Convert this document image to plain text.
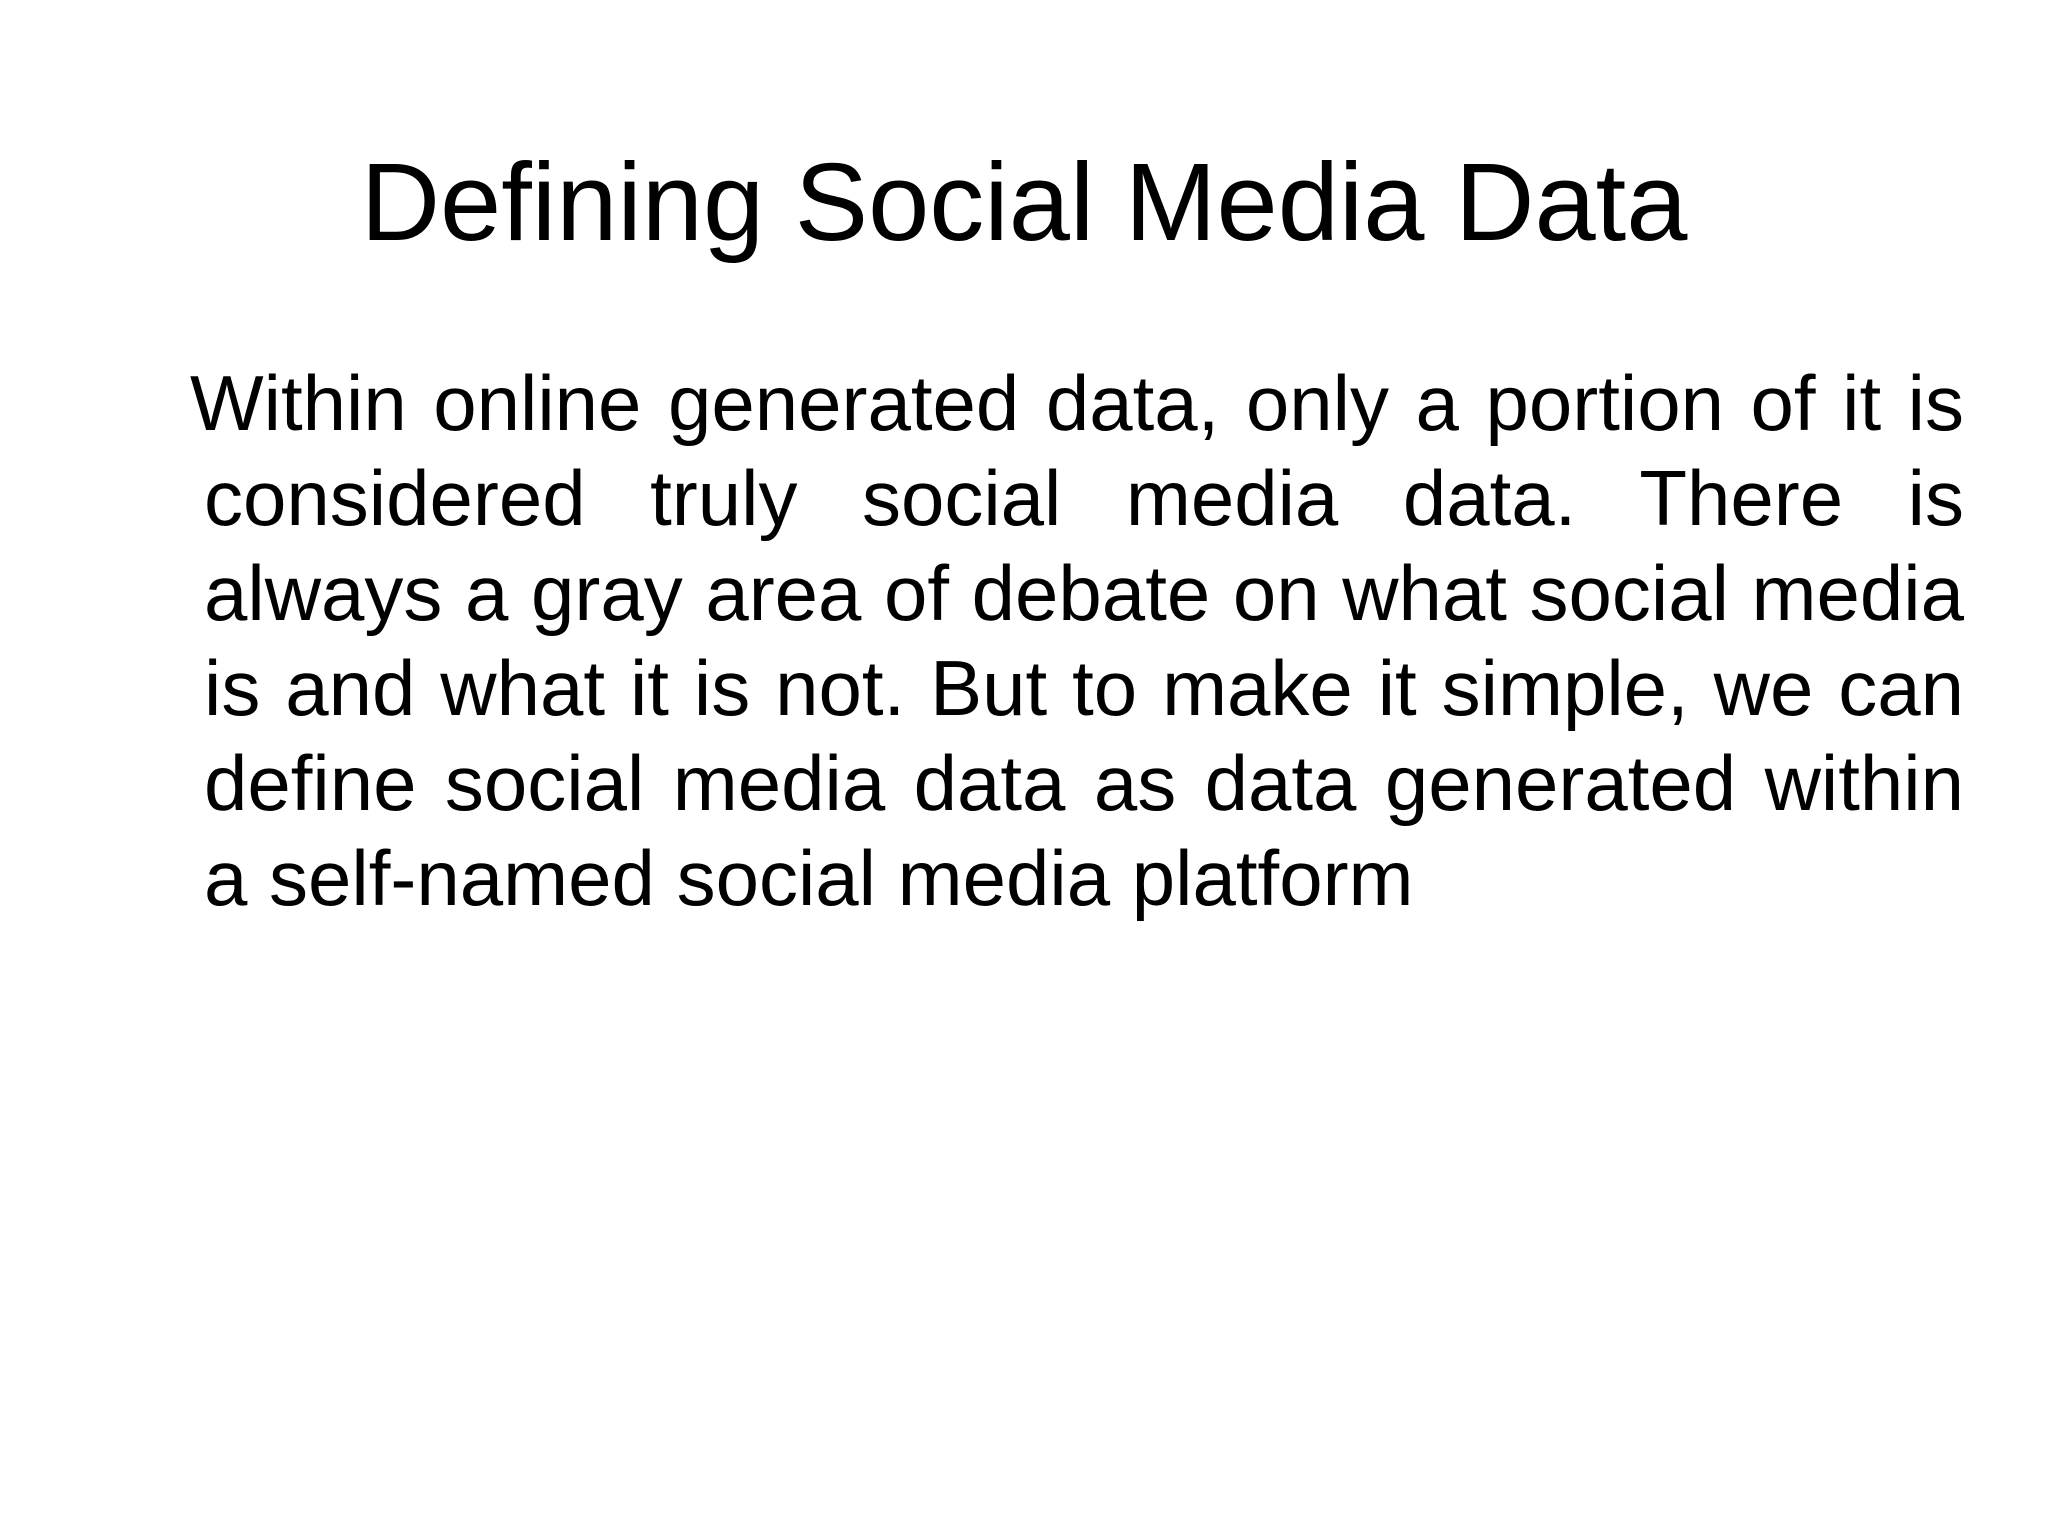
Defining Social Media Data

Within online generated data, only a portion of it is considered truly social media data. There is always a gray area of debate on what social media is and what it is not. But to make it simple, we can define social media data as data generated within a self-named social media platform
